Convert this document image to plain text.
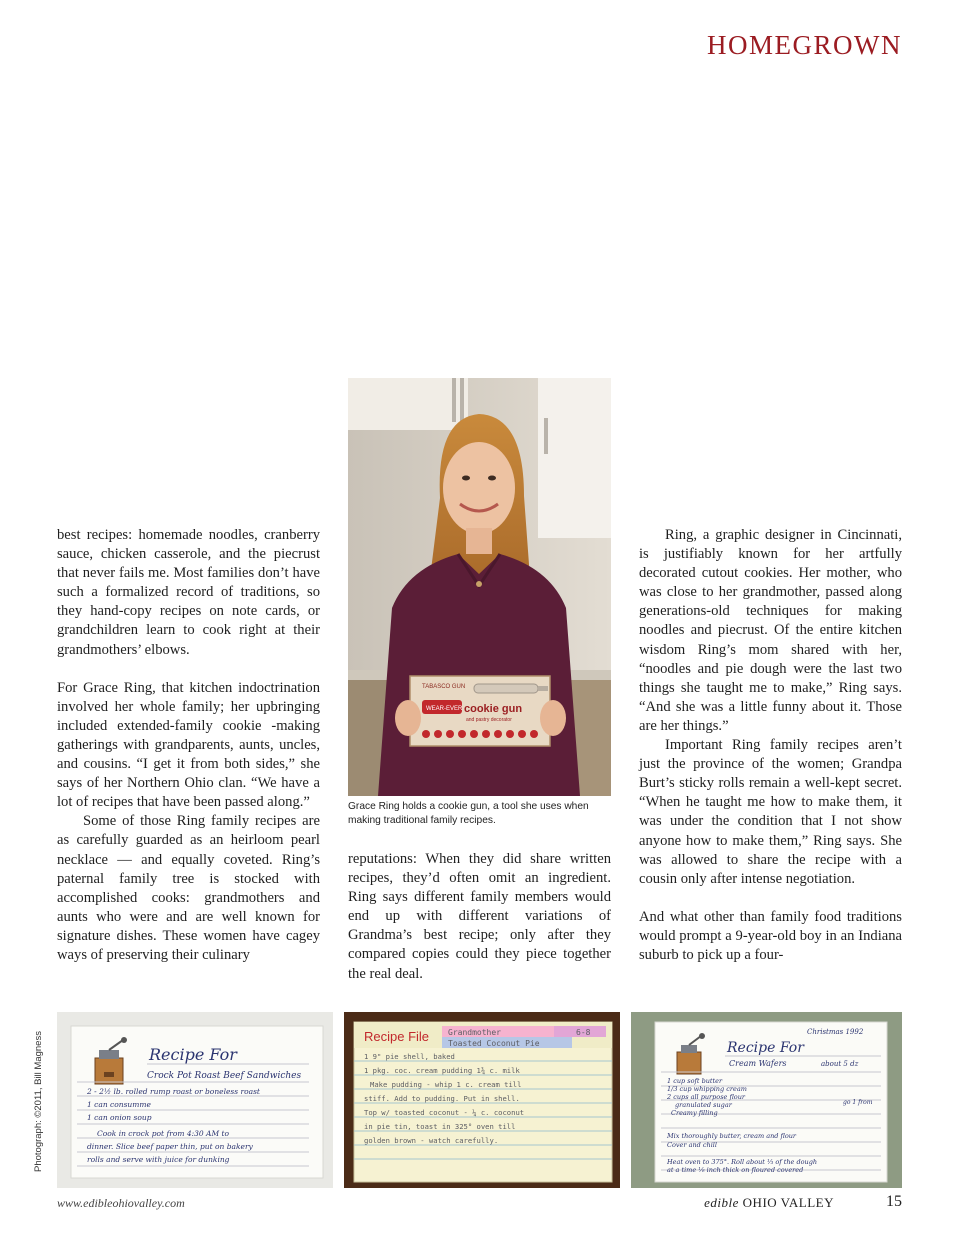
HOMEGROWN

best recipes: homemade noodles, cranberry sauce, chicken casserole, and the piecrust that never fails me. Most families don’t have such a formalized record of traditions, so they hand-copy recipes on note cards, or grandchildren learn to cook right at their grandmothers’ elbows.

For Grace Ring, that kitchen indoctrination involved her whole family; her upbringing included extended-family cookie -making gatherings with grandparents, aunts, uncles, and cousins. “I get it from both sides,” she says of her Northern Ohio clan. “We have a lot of recipes that have been passed along.”

Some of those Ring family recipes are as carefully guarded as an heirloom pearl necklace — and equally coveted. Ring’s paternal family tree is stocked with accomplished cooks: grandmothers and aunts who were and are well known for signature dishes. These women have cagey ways of preserving their culinary

TABASCO GUN
WEAR-EVER cookie gun
and pastry decorator
Grace Ring holds a cookie gun, a tool she uses when making traditional family recipes.

reputations: When they did share written recipes, they’d often omit an ingredient. Ring says different family members would end up with different variations of Grandma’s best recipe; only after they compared copies could they piece together the real deal.

Ring, a graphic designer in Cincinnati, is justifiably known for her artfully decorated cutout cookies. Her mother, who was close to her grandmother, passed along generations-old techniques for making noodles and piecrust. Of the entire kitchen wisdom Ring’s mom shared with her, “noodles and pie dough were the last two things she taught me to make,” Ring says. “And she was a little funny about it. Those are her things.”

Important Ring family recipes aren’t just the province of the women; Grandpa Burt’s sticky rolls remain a well-kept secret. “When he taught me how to make them, it was under the condition that I not show anyone how to make them,” Ring says. She was allowed to share the recipe with a cousin only after intense negotiation.

And what other than family food traditions would prompt a 9-year-old boy in an Indiana suburb to pick up a four-

Photograph: ©2011, Bill Magness	Recipe For
Crock Pot Roast Beef Sandwiches
2 - 2½ lb. rolled rump roast or boneless roast
1 can consumme
1 can onion soup
Cook in crock pot from 4:30 AM to
dinner. Slice beef paper thin, put on bakery
rolls and serve with juice for dunking
Recipe File Grandmother	6-8
Toasted Coconut Pie
1 9" pie shell, baked
1 pkg. coc. cream pudding 1¾ c. milk
Make pudding - whip 1 c. cream till
stiff. Add to pudding. Put in shell.
Top w/ toasted coconut - ¼ c. coconut
in pie tin, toast in 325° oven till
golden brown - watch carefully.
Christmas 1992
Recipe For
Cream Wafers	about 5 dz
1 cup soft butter
1/3 cup whipping cream
2 cups all purpose flour
granulated sugar
Creamy filling
go 1 from
Mix thoroughly butter, cream and flour
Cover and chill
Heat oven to 375°. Roll about ⅓ of the dough
at a time ⅛ inch thick on floured covered
www.edibleohiovalley.com	edible OHIO VALLEY	15
